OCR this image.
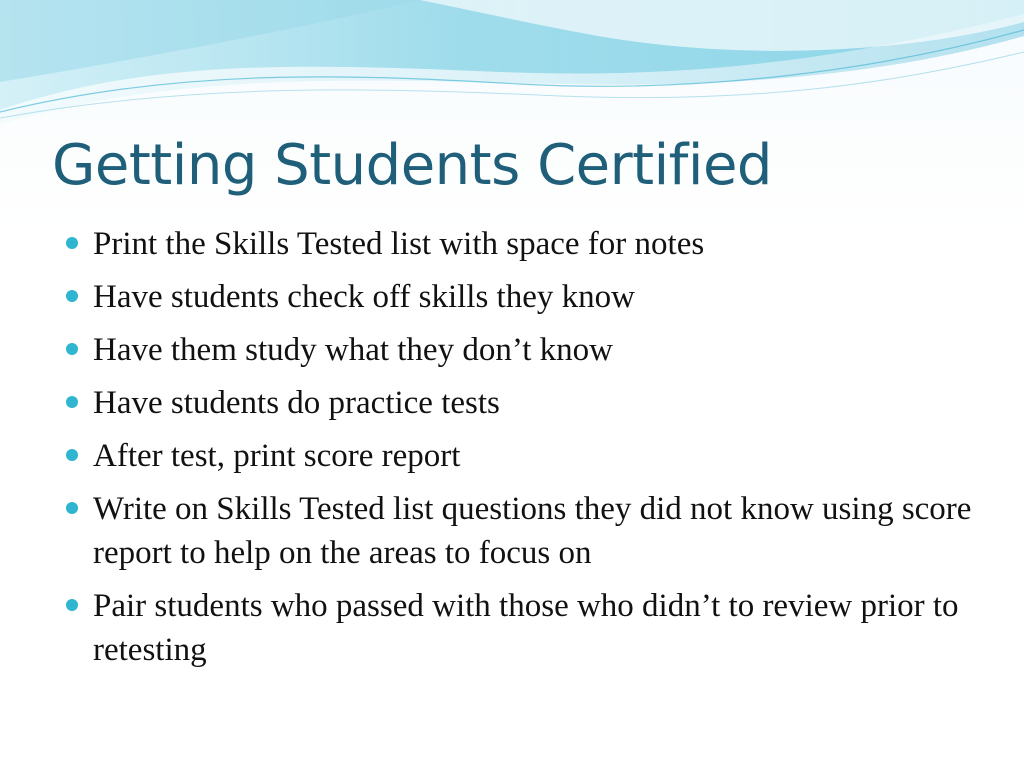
Getting Students Certified
Print the Skills Tested list with space for notes
Have students check off skills they know
Have them study what they don’t know
Have students do practice tests
After test, print score report
Write on Skills Tested list questions they did not know using score report to help on the areas to focus on
Pair students who passed with those who didn’t to review prior to retesting
